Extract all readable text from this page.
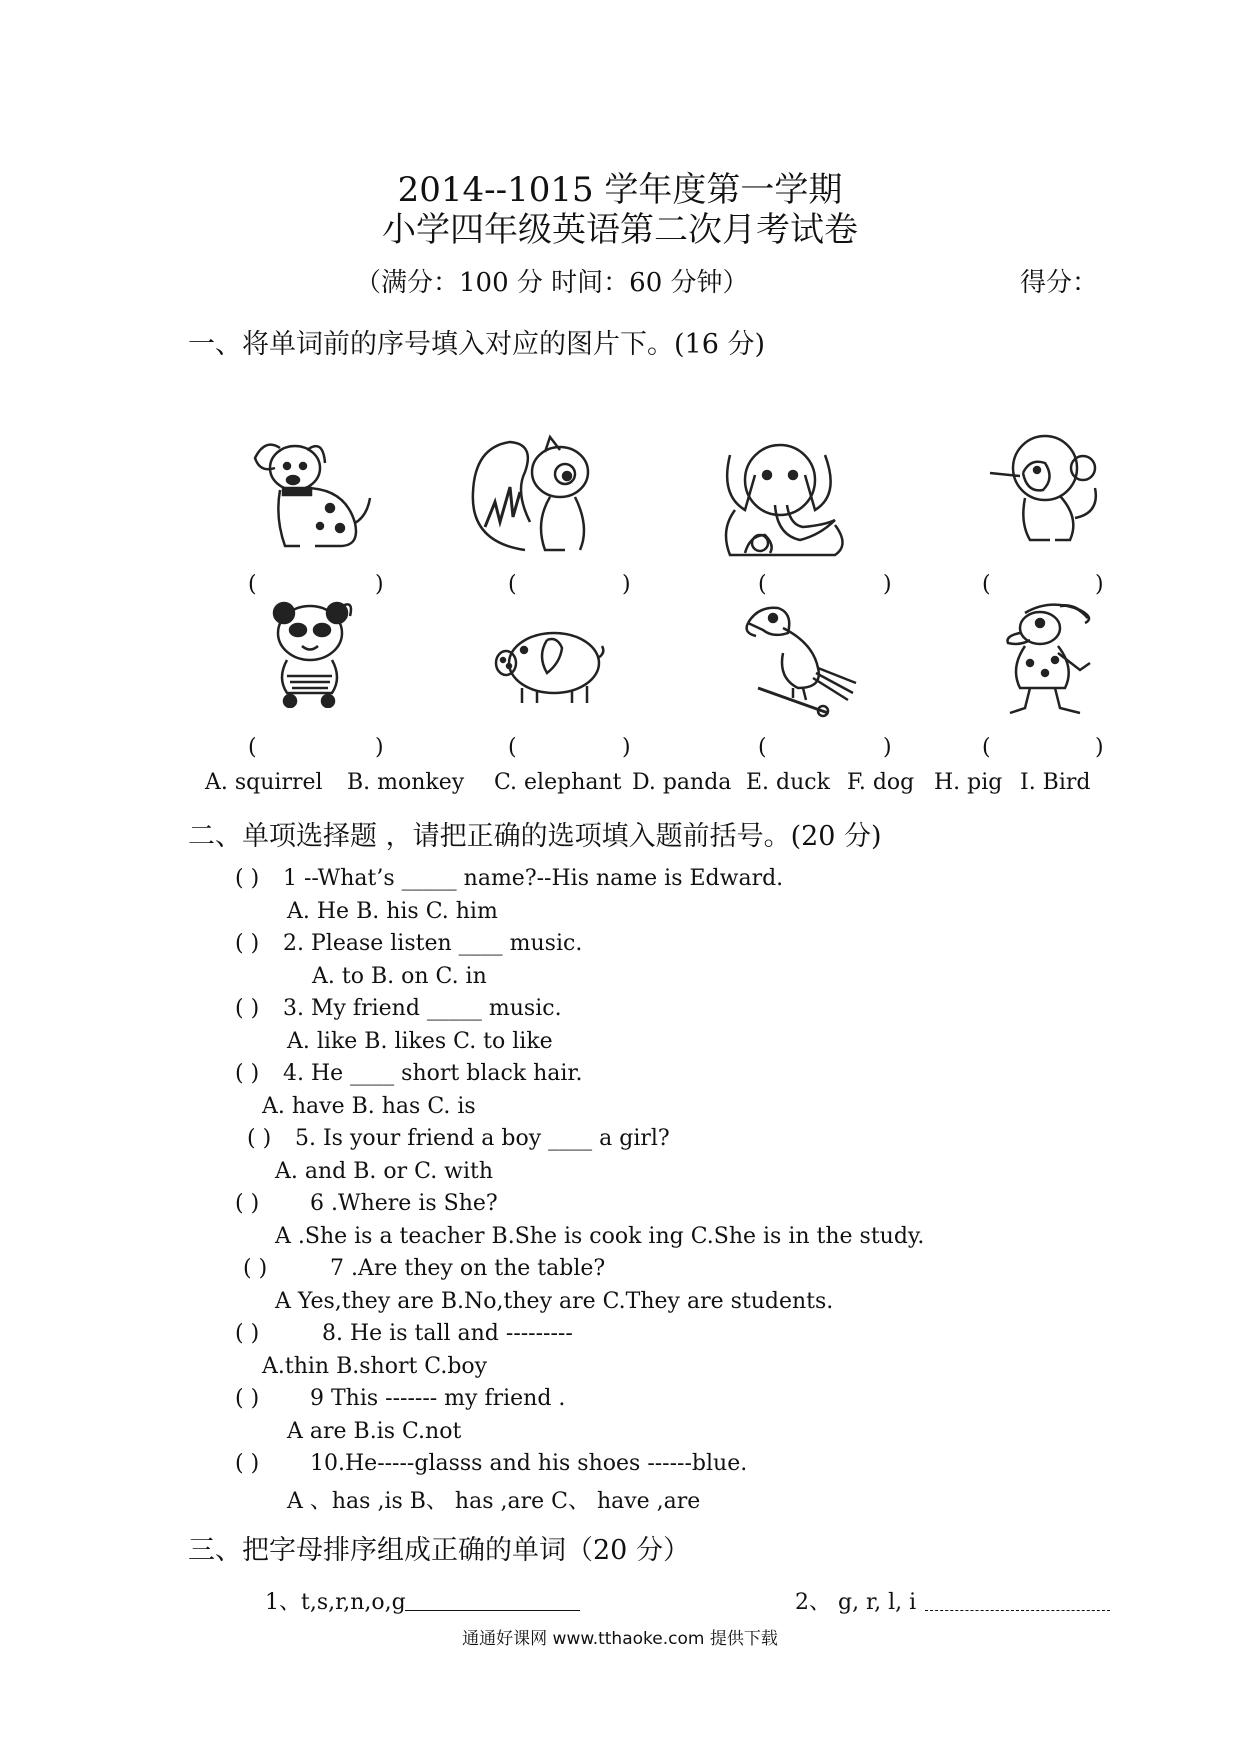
2014--1015 学年度第一学期
小学四年级英语第二次月考试卷
（满分：100 分 时间：60 分钟）	得分：
一、将单词前的序号填入对应的图片下。(16 分)
(	)	(	)	(	)	(	)
(	)	(	)	(	)	(	)
A. squirrel B. monkey C. elephant D. panda E. duck F. dog H. pig I. Bird
二、单项选择题 ，请把正确的选项填入题前括号。(20 分)
( ) 1 --What’s _____ name?--His name is Edward.
A. He B. his C. him
( ) 2. Please listen ____ music.
A. to B. on C. in
( ) 3. My friend _____ music.
A. like B. likes C. to like
( ) 4. He ____ short black hair.
A. have B. has C. is
( ) 5. Is your friend a boy ____ a girl?
A. and B. or C. with
( ) 6 .Where is She?
A .She is a teacher B.She is cook ing C.She is in the study.
( )	7 .Are they on the table?
A Yes,they are B.No,they are C.They are students.
( )	8. He is tall and ---------
A.thin B.short C.boy
( ) 9 This ------- my friend .
A are B.is C.not
( ) 10.He-----glasss and his shoes ------blue.
A 、has ,is B、 has ,are C、 have ,are
三、把字母排序组成正确的单词（20 分）
1、t,s,r,n,o,g	2、 g, r, l, i
通通好课网 www.tthaoke.com 提供下载
